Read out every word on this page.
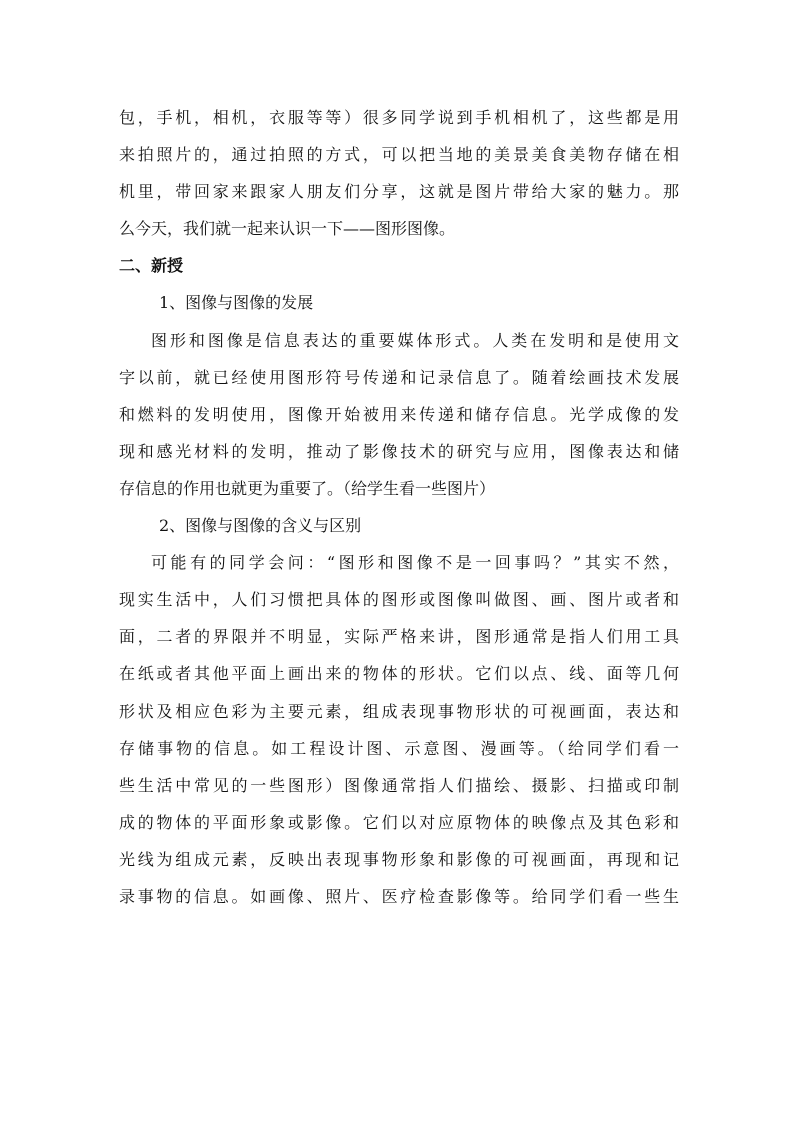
包，手机，相机，衣服等等）很多同学说到手机相机了，这些都是用
来拍照片的，通过拍照的方式，可以把当地的美景美食美物存储在相
机里，带回家来跟家人朋友们分享，这就是图片带给大家的魅力。那
么今天，我们就一起来认识一下——图形图像。
二、新授
1、图像与图像的发展
图形和图像是信息表达的重要媒体形式。人类在发明和是使用文
字以前，就已经使用图形符号传递和记录信息了。随着绘画技术发展
和燃料的发明使用，图像开始被用来传递和储存信息。光学成像的发
现和感光材料的发明，推动了影像技术的研究与应用，图像表达和储
存信息的作用也就更为重要了。（给学生看一些图片）
2、图像与图像的含义与区别
可能有的同学会问：“图形和图像不是一回事吗？”其实不然，
现实生活中，人们习惯把具体的图形或图像叫做图、画、图片或者和
面，二者的界限并不明显，实际严格来讲，图形通常是指人们用工具
在纸或者其他平面上画出来的物体的形状。它们以点、线、面等几何
形状及相应色彩为主要元素，组成表现事物形状的可视画面，表达和
存储事物的信息。如工程设计图、示意图、漫画等。（给同学们看一
些生活中常见的一些图形）图像通常指人们描绘、摄影、扫描或印制
成的物体的平面形象或影像。它们以对应原物体的映像点及其色彩和
光线为组成元素，反映出表现事物形象和影像的可视画面，再现和记
录事物的信息。如画像、照片、医疗检查影像等。给同学们看一些生
